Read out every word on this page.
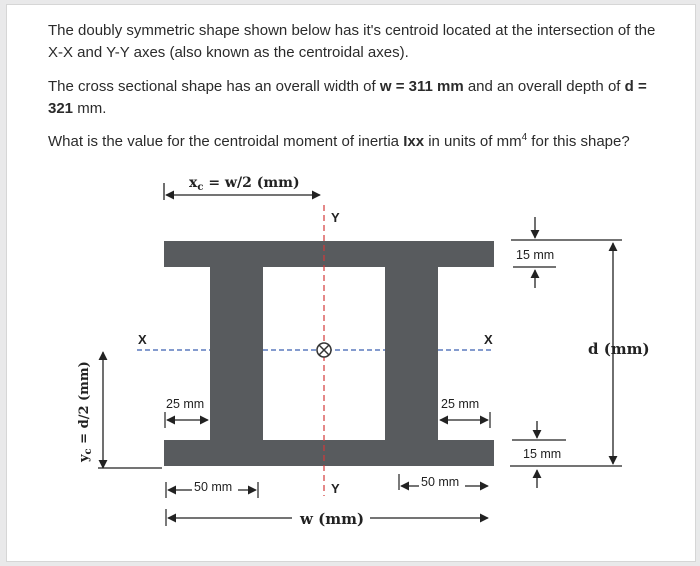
The doubly symmetric shape shown below has it's centroid located at the intersection of the X-X and Y-Y axes (also known as the centroidal axes).

The cross sectional shape has an overall width of w = 311 mm and an overall depth of d = 321 mm.

What is the value for the centroidal moment of inertia Ixx in units of $mm^4$ for this shape?

$x_c = w/2$ (mm)
Y
Y
X	X
$y_c = d/2$ (mm)
15 mm
d (mm)
15 mm
25 mm	25 mm
50 mm	50 mm
w (mm)
